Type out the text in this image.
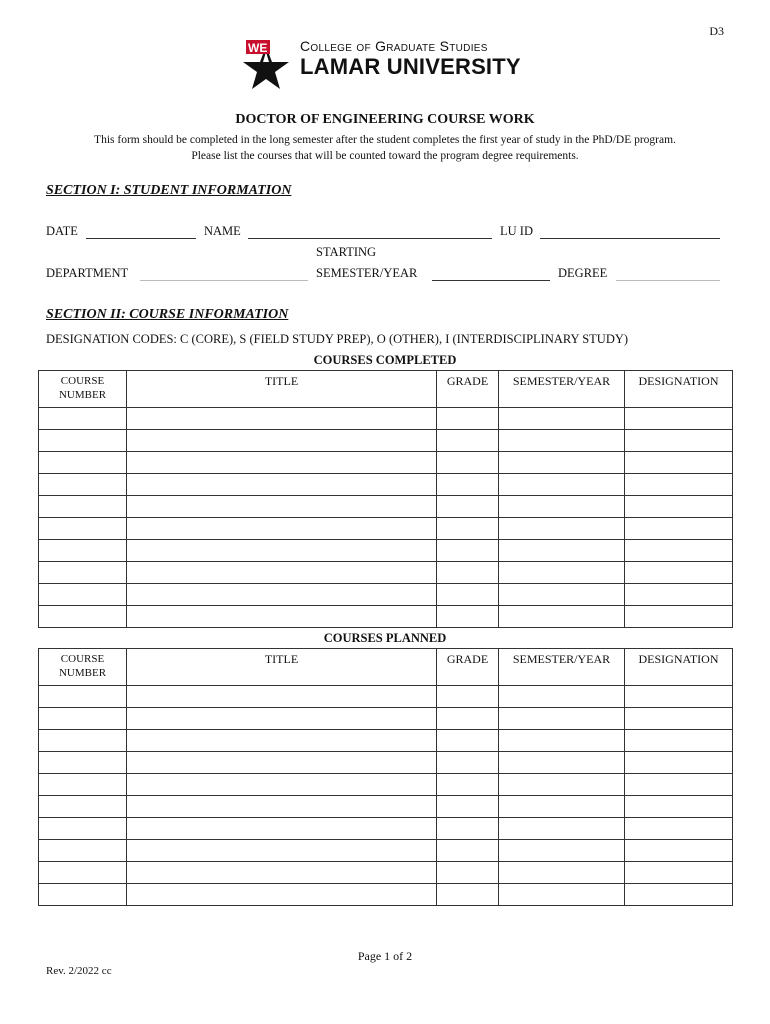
D3
WE College of Graduate Studies
LAMAR UNIVERSITY
DOCTOR OF ENGINEERING COURSE WORK
This form should be completed in the long semester after the student completes the first year of study in the PhD/DE program.
Please list the courses that will be counted toward the program degree requirements.
SECTION I: STUDENT INFORMATION
DATE	NAME	LU ID
STARTING
DEPARTMENT	SEMESTER/YEAR	DEGREE
SECTION II: COURSE INFORMATION
DESIGNATION CODES: C (CORE), S (FIELD STUDY PREP), O (OTHER), I (INTERDISCIPLINARY STUDY)
COURSES COMPLETED
COURSE
NUMBER	TITLE	GRADE	SEMESTER/YEAR	DESIGNATION

COURSES PLANNED
COURSE
NUMBER	TITLE	GRADE	SEMESTER/YEAR	DESIGNATION

Page 1 of 2
Rev. 2/2022 cc
